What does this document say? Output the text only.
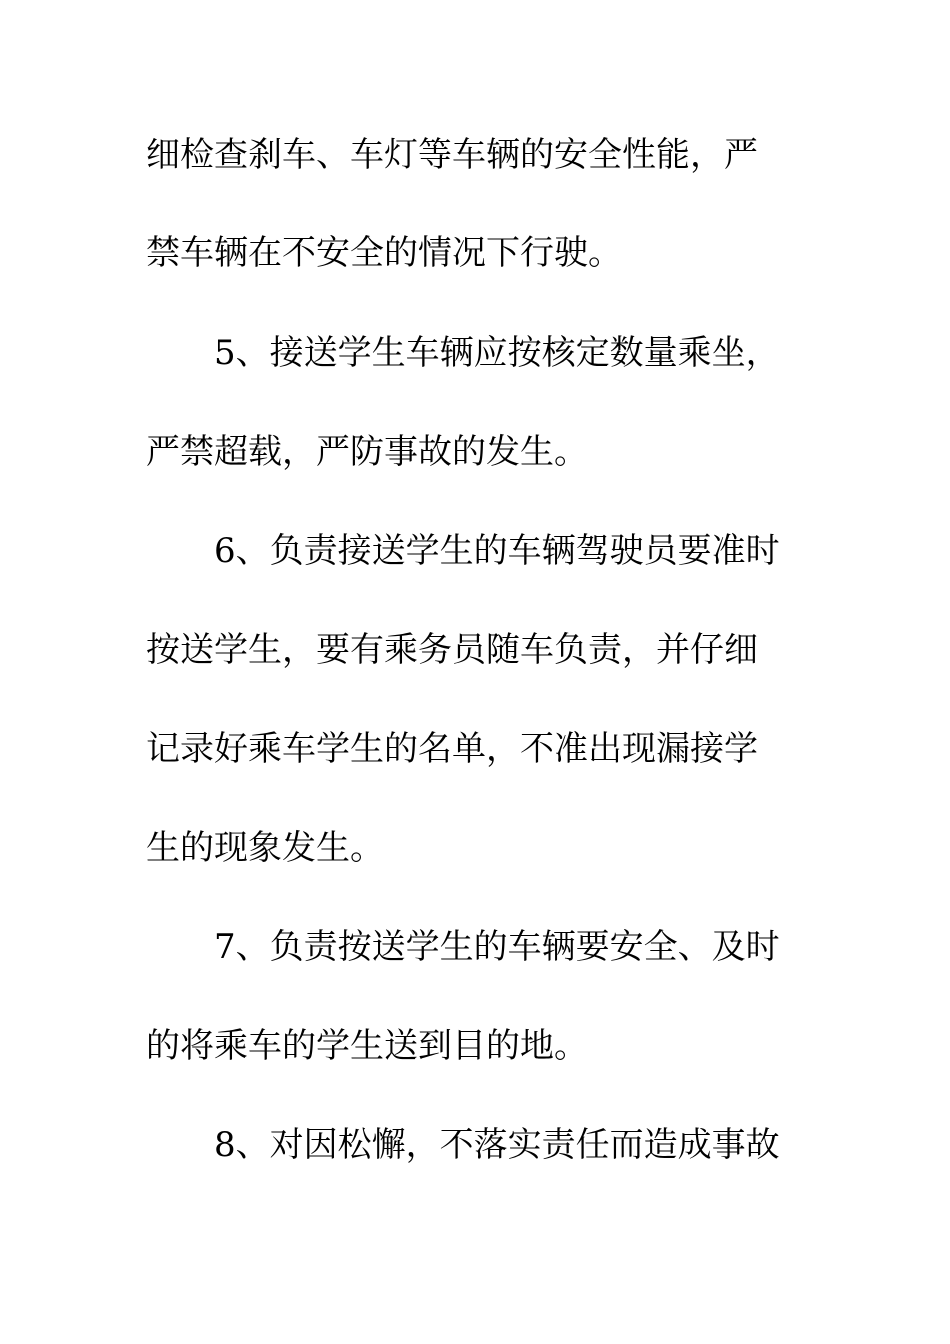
细检查刹车、车灯等车辆的安全性能，严
禁车辆在不安全的情况下行驶。
5、接送学生车辆应按核定数量乘坐，
严禁超载，严防事故的发生。
6、负责接送学生的车辆驾驶员要准时
按送学生，要有乘务员随车负责，并仔细
记录好乘车学生的名单，不准出现漏接学
生的现象发生。
7、负责按送学生的车辆要安全、及时
的将乘车的学生送到目的地。
8、对因松懈，不落实责任而造成事故
